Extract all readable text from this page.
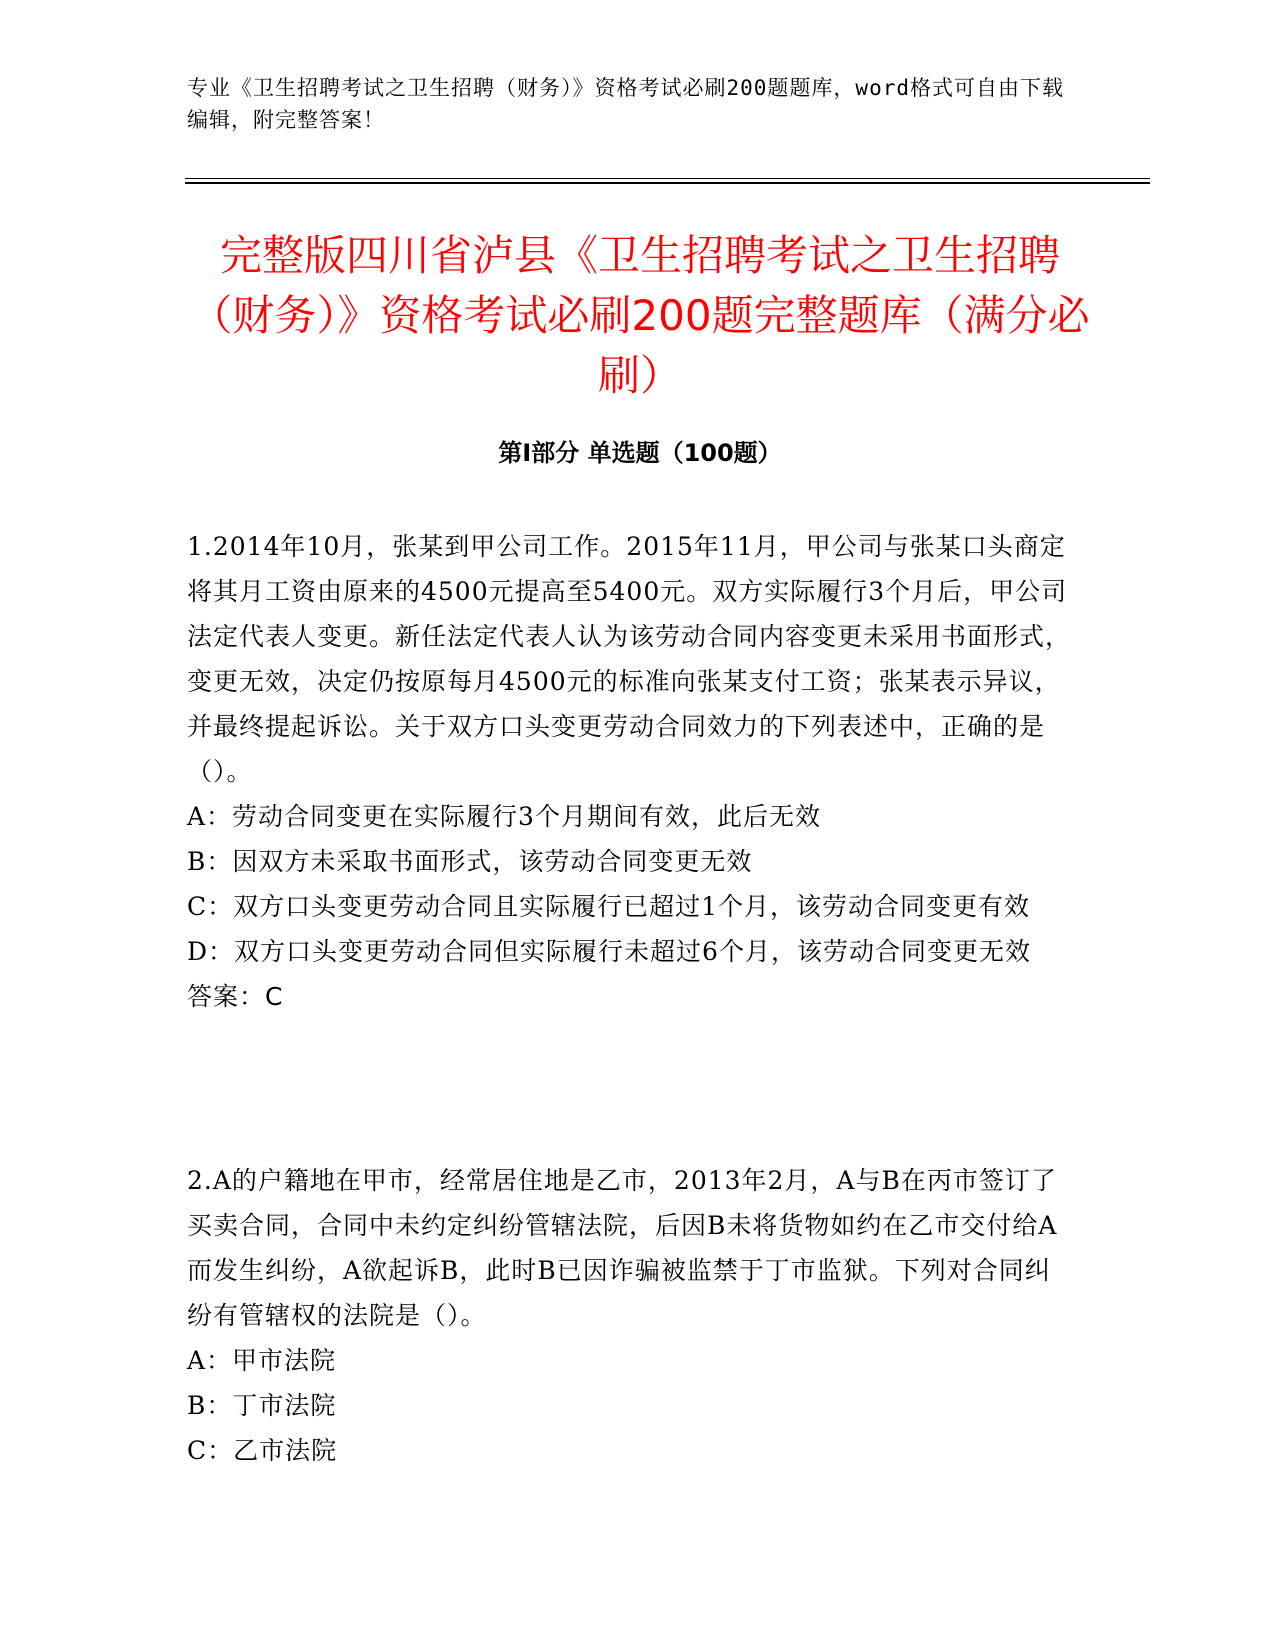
专业《卫生招聘考试之卫生招聘（财务）》资格考试必刷200题题库，word格式可自由下载编辑，附完整答案！
完整版四川省泸县《卫生招聘考试之卫生招聘（财务）》资格考试必刷200题完整题库（满分必刷）
第Ⅰ部分 单选题（100题）

1.2014年10月，张某到甲公司工作。2015年11月，甲公司与张某口头商定将其月工资由原来的4500元提高至5400元。双方实际履行3个月后，甲公司法定代表人变更。新任法定代表人认为该劳动合同内容变更未采用书面形式，变更无效，决定仍按原每月4500元的标准向张某支付工资；张某表示异议，并最终提起诉讼。关于双方口头变更劳动合同效力的下列表述中，正确的是（）。

A：劳动合同变更在实际履行3个月期间有效，此后无效

B：因双方未采取书面形式，该劳动合同变更无效

C：双方口头变更劳动合同且实际履行已超过1个月，该劳动合同变更有效

D：双方口头变更劳动合同但实际履行未超过6个月，该劳动合同变更无效

答案：C

2.A的户籍地在甲市，经常居住地是乙市，2013年2月，A与B在丙市签订了买卖合同，合同中未约定纠纷管辖法院，后因B未将货物如约在乙市交付给A而发生纠纷，A欲起诉B，此时B已因诈骗被监禁于丁市监狱。下列对合同纠纷有管辖权的法院是（）。

A：甲市法院

B：丁市法院

C：乙市法院
